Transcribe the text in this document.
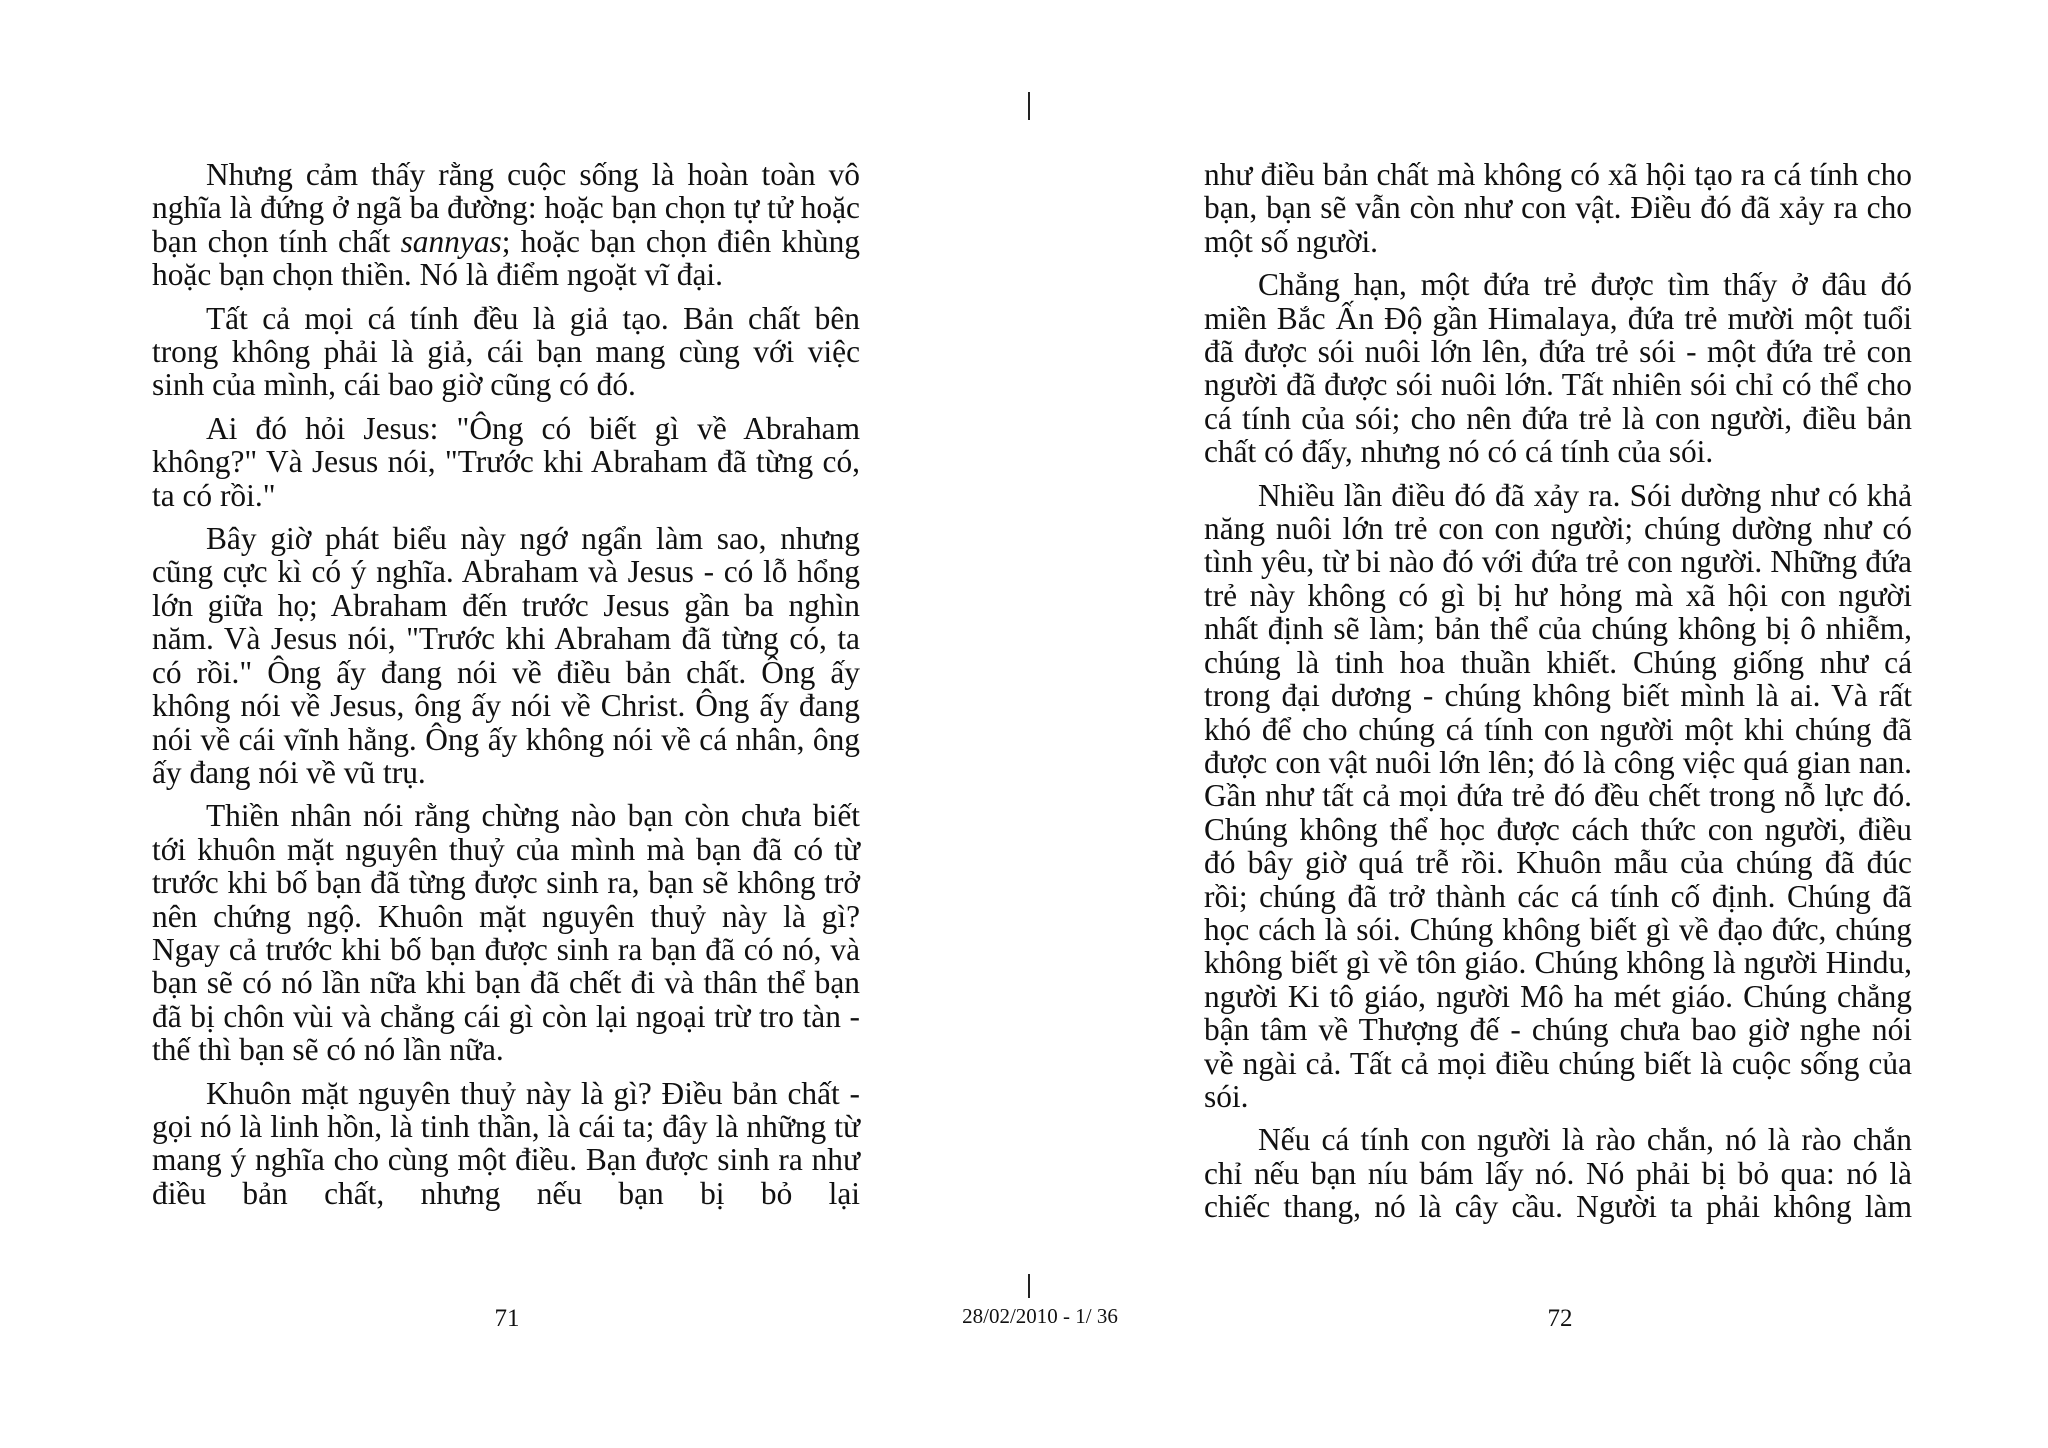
Nhưng cảm thấy rằng cuộc sống là hoàn toàn vô nghĩa là đứng ở ngã ba đường: hoặc bạn chọn tự tử hoặc bạn chọn tính chất sannyas; hoặc bạn chọn điên khùng hoặc bạn chọn thiền. Nó là điểm ngoặt vĩ đại.

Tất cả mọi cá tính đều là giả tạo. Bản chất bên trong không phải là giả, cái bạn mang cùng với việc sinh của mình, cái bao giờ cũng có đó.

Ai đó hỏi Jesus: "Ông có biết gì về Abraham không?" Và Jesus nói, "Trước khi Abraham đã từng có, ta có rồi."

Bây giờ phát biểu này ngớ ngẩn làm sao, nhưng cũng cực kì có ý nghĩa. Abraham và Jesus - có lỗ hổng lớn giữa họ; Abraham đến trước Jesus gần ba nghìn năm. Và Jesus nói, "Trước khi Abraham đã từng có, ta có rồi." Ông ấy đang nói về điều bản chất. Ông ấy không nói về Jesus, ông ấy nói về Christ. Ông ấy đang nói về cái vĩnh hằng. Ông ấy không nói về cá nhân, ông ấy đang nói về vũ trụ.

Thiền nhân nói rằng chừng nào bạn còn chưa biết tới khuôn mặt nguyên thuỷ của mình mà bạn đã có từ trước khi bố bạn đã từng được sinh ra, bạn sẽ không trở nên chứng ngộ. Khuôn mặt nguyên thuỷ này là gì? Ngay cả trước khi bố bạn được sinh ra bạn đã có nó, và bạn sẽ có nó lần nữa khi bạn đã chết đi và thân thể bạn đã bị chôn vùi và chẳng cái gì còn lại ngoại trừ tro tàn - thế thì bạn sẽ có nó lần nữa.

Khuôn mặt nguyên thuỷ này là gì? Điều bản chất - gọi nó là linh hồn, là tinh thần, là cái ta; đây là những từ mang ý nghĩa cho cùng một điều. Bạn được sinh ra như điều bản chất, nhưng nếu bạn bị bỏ lại

như điều bản chất mà không có xã hội tạo ra cá tính cho bạn, bạn sẽ vẫn còn như con vật. Điều đó đã xảy ra cho một số người.

Chẳng hạn, một đứa trẻ được tìm thấy ở đâu đó miền Bắc Ấn Độ gần Himalaya, đứa trẻ mười một tuổi đã được sói nuôi lớn lên, đứa trẻ sói - một đứa trẻ con người đã được sói nuôi lớn. Tất nhiên sói chỉ có thể cho cá tính của sói; cho nên đứa trẻ là con người, điều bản chất có đấy, nhưng nó có cá tính của sói.

Nhiều lần điều đó đã xảy ra. Sói dường như có khả năng nuôi lớn trẻ con con người; chúng dường như có tình yêu, từ bi nào đó với đứa trẻ con người. Những đứa trẻ này không có gì bị hư hỏng mà xã hội con người nhất định sẽ làm; bản thể của chúng không bị ô nhiễm, chúng là tinh hoa thuần khiết. Chúng giống như cá trong đại dương - chúng không biết mình là ai. Và rất khó để cho chúng cá tính con người một khi chúng đã được con vật nuôi lớn lên; đó là công việc quá gian nan. Gần như tất cả mọi đứa trẻ đó đều chết trong nỗ lực đó. Chúng không thể học được cách thức con người, điều đó bây giờ quá trễ rồi. Khuôn mẫu của chúng đã đúc rồi; chúng đã trở thành các cá tính cố định. Chúng đã học cách là sói. Chúng không biết gì về đạo đức, chúng không biết gì về tôn giáo. Chúng không là người Hindu, người Ki tô giáo, người Mô ha mét giáo. Chúng chẳng bận tâm về Thượng đế - chúng chưa bao giờ nghe nói về ngài cả. Tất cả mọi điều chúng biết là cuộc sống của sói.

Nếu cá tính con người là rào chắn, nó là rào chắn chỉ nếu bạn níu bám lấy nó. Nó phải bị bỏ qua: nó là chiếc thang, nó là cây cầu. Người ta phải không làm

71	28/02/2010 - 1/ 36	72
